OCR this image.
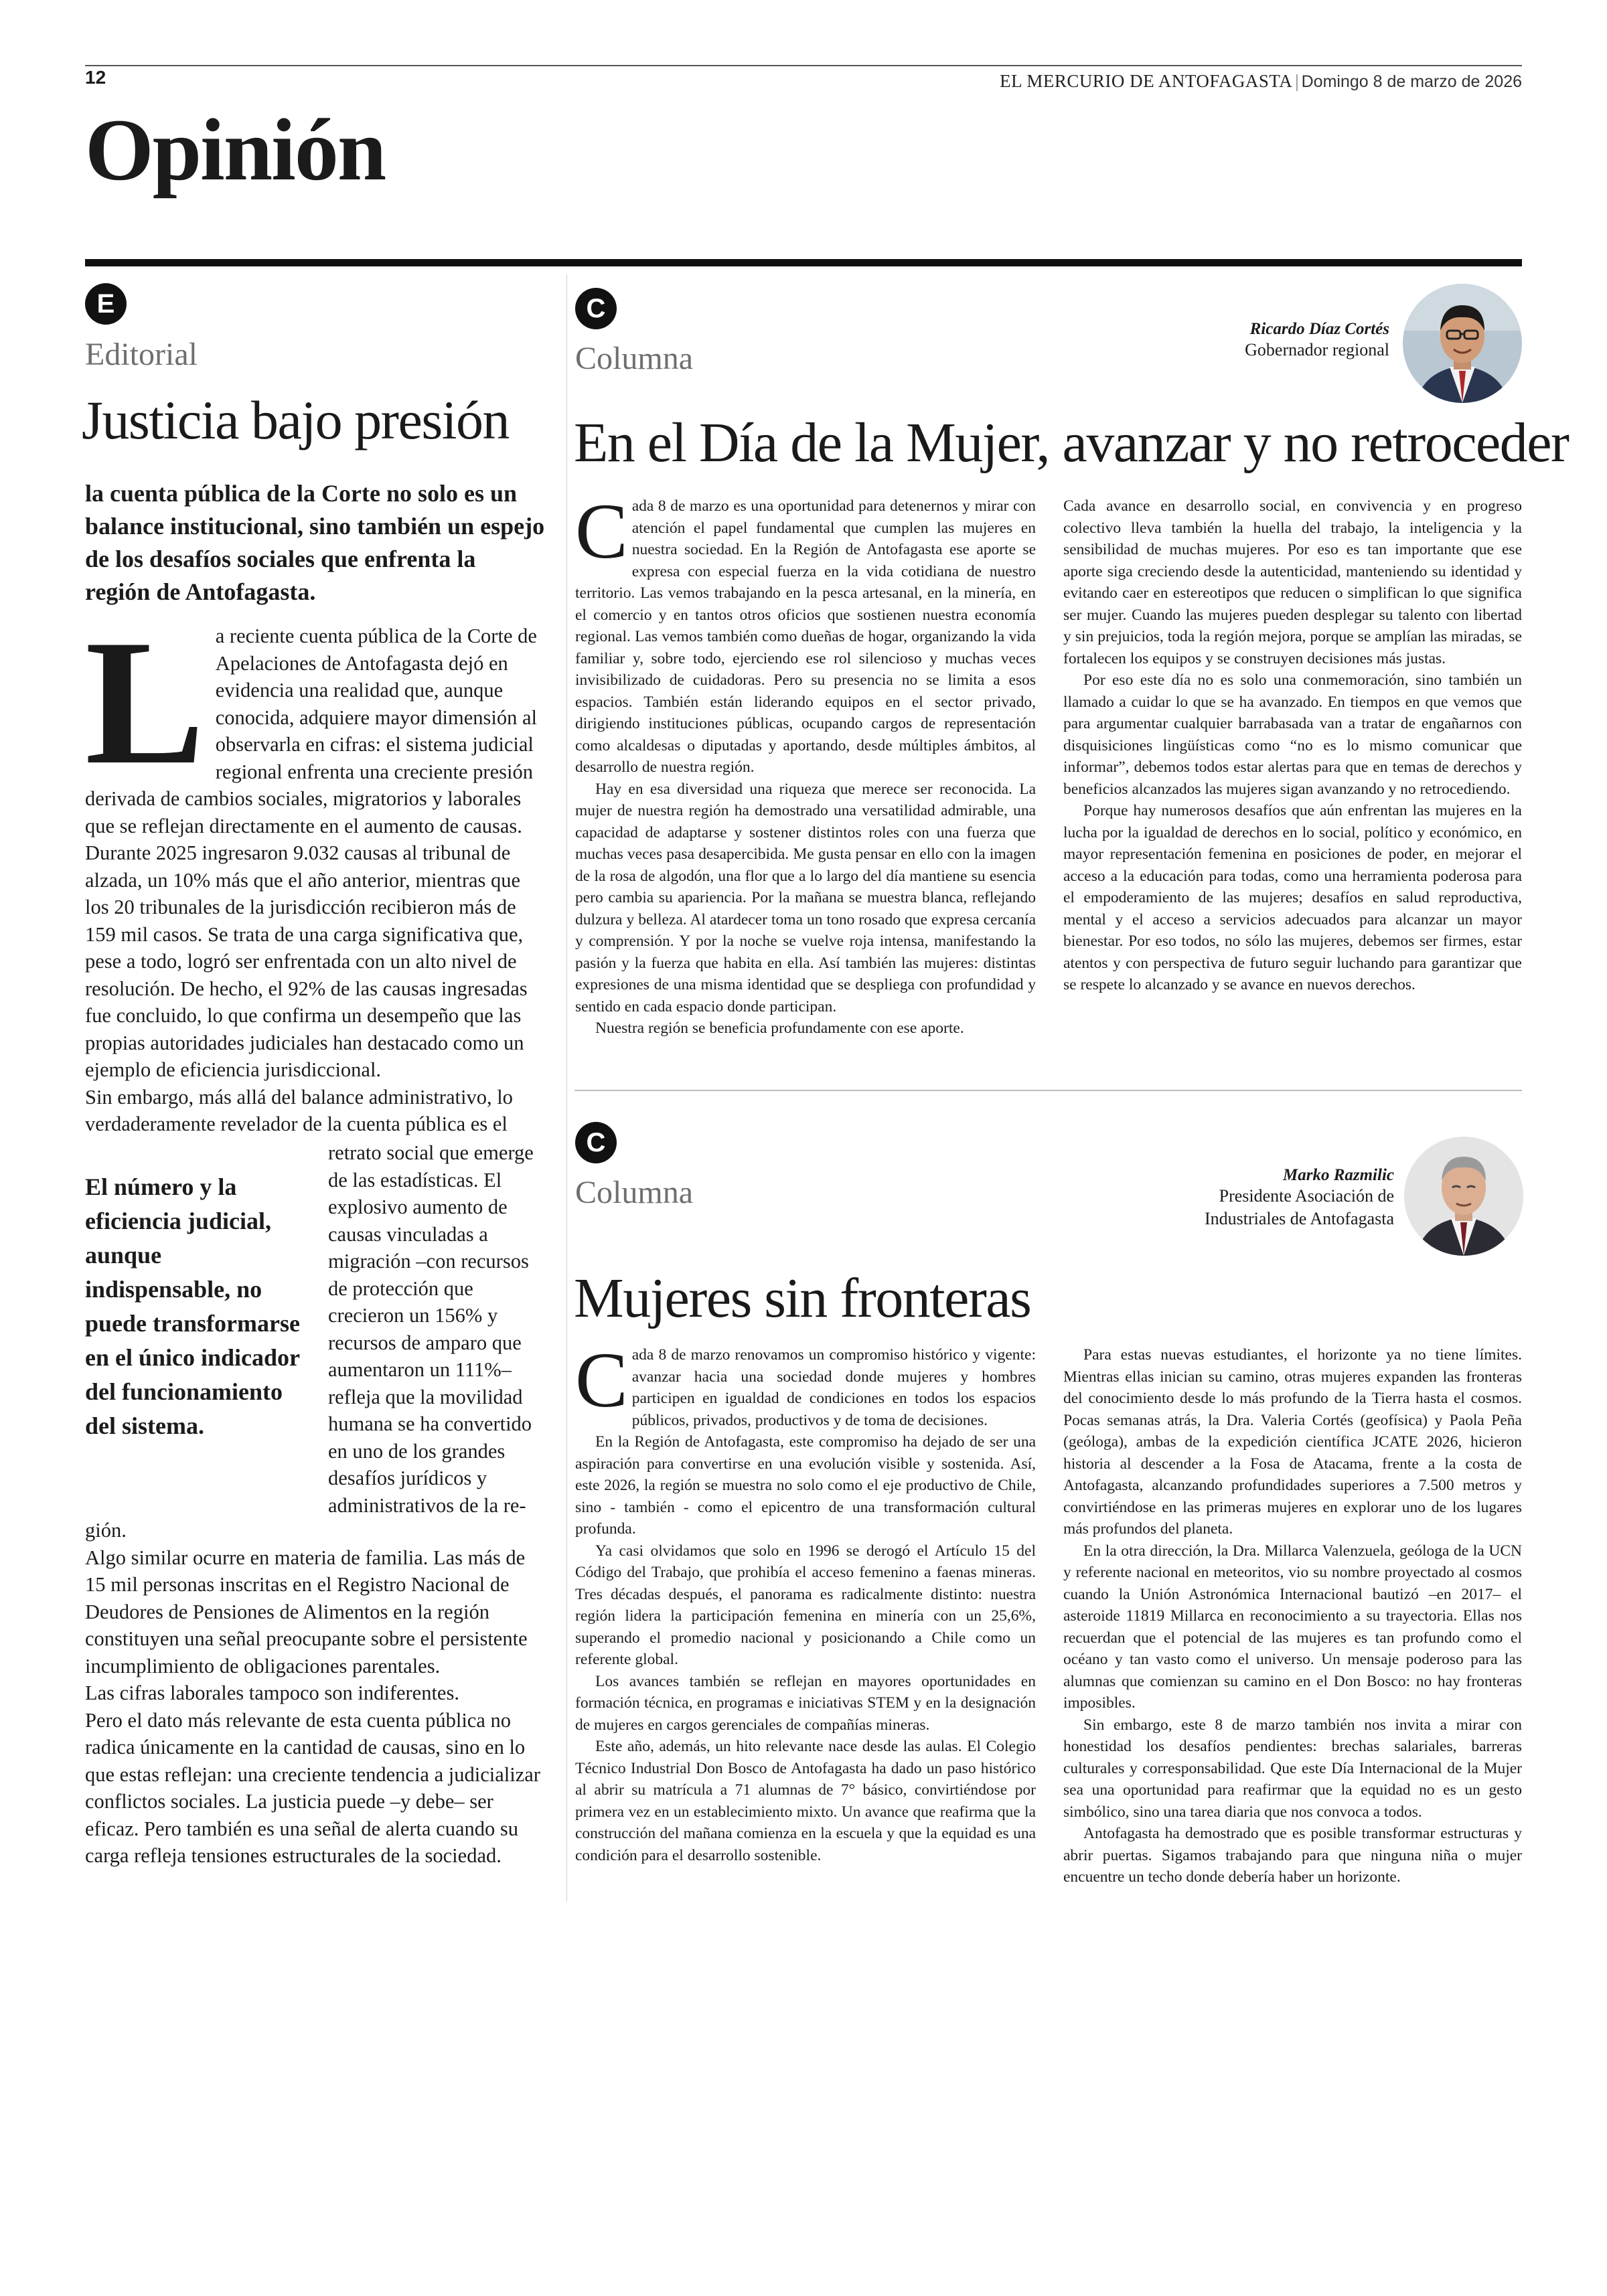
12	EL MERCURIO DE ANTOFAGASTA | Domingo 8 de marzo de 2026
Opinión
E
Editorial
Justicia bajo presión
la cuenta pública de la Corte no solo es un balance institucional, sino también un espejo de los desafíos sociales que enfrenta la región de Antofagasta.

La reciente cuenta pública de la Corte de Apelaciones de Antofagasta dejó en evidencia una realidad que, aunque conocida, adquiere mayor dimensión al observarla en cifras: el sistema judicial regional enfrenta una creciente presión derivada de cambios sociales, migratorios y laborales que se reflejan directamente en el aumento de causas.

Durante 2025 ingresaron 9.032 causas al tribunal de alzada, un 10% más que el año anterior, mientras que los 20 tribunales de la jurisdicción recibieron más de 159 mil casos. Se trata de una carga significativa que, pese a todo, logró ser enfrentada con un alto nivel de resolución. De hecho, el 92% de las causas ingresadas fue concluido, lo que confirma un desempeño que las propias autoridades judiciales han destacado como un ejemplo de eficiencia jurisdiccional.

Sin embargo, más allá del balance administrativo, lo verdaderamente revelador de la cuenta pública es el

El número y la eficiencia judicial, aunque indispensable, no puede transformarse en el único indicador del funcionamiento del sistema.

retrato social que emerge de las estadísticas. El explosivo aumento de causas vinculadas a migración –con recursos de protección que crecieron un 156% y recursos de amparo que aumentaron un 111%– refleja que la movilidad humana se ha convertido en uno de los grandes desafíos jurídicos y administrativos de la re-

gión.

Algo similar ocurre en materia de familia. Las más de 15 mil personas inscritas en el Registro Nacional de Deudores de Pensiones de Alimentos en la región constituyen una señal preocupante sobre el persistente incumplimiento de obligaciones parentales.

Las cifras laborales tampoco son indiferentes.

Pero el dato más relevante de esta cuenta pública no radica únicamente en la cantidad de causas, sino en lo que estas reflejan: una creciente tendencia a judicializar conflictos sociales. La justicia puede –y debe– ser eficaz. Pero también es una señal de alerta cuando su carga refleja tensiones estructurales de la sociedad.

C
Columna
Ricardo Díaz Cortés
Gobernador regional
En el Día de la Mujer, avanzar y no retroceder

Cada 8 de marzo es una oportunidad para detenernos y mirar con atención el papel fundamental que cumplen las mujeres en nuestra sociedad. En la Región de Antofagasta ese aporte se expresa con especial fuerza en la vida cotidiana de nuestro territorio. Las vemos trabajando en la pesca artesanal, en la minería, en el comercio y en tantos otros oficios que sostienen nuestra economía regional. Las vemos también como dueñas de hogar, organizando la vida familiar y, sobre todo, ejerciendo ese rol silencioso y muchas veces invisibilizado de cuidadoras. Pero su presencia no se limita a esos espacios. También están liderando equipos en el sector privado, dirigiendo instituciones públicas, ocupando cargos de representación como alcaldesas o diputadas y aportando, desde múltiples ámbitos, al desarrollo de nuestra región.

Hay en esa diversidad una riqueza que merece ser reconocida. La mujer de nuestra región ha demostrado una versatilidad admirable, una capacidad de adaptarse y sostener distintos roles con una fuerza que muchas veces pasa desapercibida. Me gusta pensar en ello con la imagen de la rosa de algodón, una flor que a lo largo del día mantiene su esencia pero cambia su apariencia. Por la mañana se muestra blanca, reflejando dulzura y belleza. Al atardecer toma un tono rosado que expresa cercanía y comprensión. Y por la noche se vuelve roja intensa, manifestando la pasión y la fuerza que habita en ella. Así también las mujeres: distintas expresiones de una misma identidad que se despliega con profundidad y sentido en cada espacio donde participan.

Nuestra región se beneficia profundamente con ese aporte.

Cada avance en desarrollo social, en convivencia y en progreso colectivo lleva también la huella del trabajo, la inteligencia y la sensibilidad de muchas mujeres. Por eso es tan importante que ese aporte siga creciendo desde la autenticidad, manteniendo su identidad y evitando caer en estereotipos que reducen o simplifican lo que significa ser mujer. Cuando las mujeres pueden desplegar su talento con libertad y sin prejuicios, toda la región mejora, porque se amplían las miradas, se fortalecen los equipos y se construyen decisiones más justas.

Por eso este día no es solo una conmemoración, sino también un llamado a cuidar lo que se ha avanzado. En tiempos en que vemos que para argumentar cualquier barrabasada van a tratar de engañarnos con disquisiciones lingüísticas como “no es lo mismo comunicar que informar”, debemos todos estar alertas para que en temas de derechos y beneficios alcanzados las mujeres sigan avanzando y no retrocediendo.

Porque hay numerosos desafíos que aún enfrentan las mujeres en la lucha por la igualdad de derechos en lo social, político y económico, en mayor representación femenina en posiciones de poder, en mejorar el acceso a la educación para todas, como una herramienta poderosa para el empoderamiento de las mujeres; desafíos en salud reproductiva, mental y el acceso a servicios adecuados para alcanzar un mayor bienestar. Por eso todos, no sólo las mujeres, debemos ser firmes, estar atentos y con perspectiva de futuro seguir luchando para garantizar que se respete lo alcanzado y se avance en nuevos derechos.

C
Columna	Marko Razmilic
Presidente Asociación de
Industriales de Antofagasta
Mujeres sin fronteras

Cada 8 de marzo renovamos un compromiso histórico y vigente: avanzar hacia una sociedad donde mujeres y hombres participen en igualdad de condiciones en todos los espacios públicos, privados, productivos y de toma de decisiones.

En la Región de Antofagasta, este compromiso ha dejado de ser una aspiración para convertirse en una evolución visible y sostenida. Así, este 2026, la región se muestra no solo como el eje productivo de Chile, sino - también - como el epicentro de una transformación cultural profunda.

Ya casi olvidamos que solo en 1996 se derogó el Artículo 15 del Código del Trabajo, que prohibía el acceso femenino a faenas mineras. Tres décadas después, el panorama es radicalmente distinto: nuestra región lidera la participación femenina en minería con un 25,6%, superando el promedio nacional y posicionando a Chile como un referente global.

Los avances también se reflejan en mayores oportunidades en formación técnica, en programas e iniciativas STEM y en la designación de mujeres en cargos gerenciales de compañías mineras.

Este año, además, un hito relevante nace desde las aulas. El Colegio Técnico Industrial Don Bosco de Antofagasta ha dado un paso histórico al abrir su matrícula a 71 alumnas de 7° básico, convirtiéndose por primera vez en un establecimiento mixto. Un avance que reafirma que la construcción del mañana comienza en la escuela y que la equidad es una condición para el desarrollo sostenible.

Para estas nuevas estudiantes, el horizonte ya no tiene límites. Mientras ellas inician su camino, otras mujeres expanden las fronteras del conocimiento desde lo más profundo de la Tierra hasta el cosmos. Pocas semanas atrás, la Dra. Valeria Cortés (geofísica) y Paola Peña (geóloga), ambas de la expedición científica JCATE 2026, hicieron historia al descender a la Fosa de Atacama, frente a la costa de Antofagasta, alcanzando profundidades superiores a 7.500 metros y convirtiéndose en las primeras mujeres en explorar uno de los lugares más profundos del planeta.

En la otra dirección, la Dra. Millarca Valenzuela, geóloga de la UCN y referente nacional en meteoritos, vio su nombre proyectado al cosmos cuando la Unión Astronómica Internacional bautizó –en 2017– el asteroide 11819 Millarca en reconocimiento a su trayectoria. Ellas nos recuerdan que el potencial de las mujeres es tan profundo como el océano y tan vasto como el universo. Un mensaje poderoso para las alumnas que comienzan su camino en el Don Bosco: no hay fronteras imposibles.

Sin embargo, este 8 de marzo también nos invita a mirar con honestidad los desafíos pendientes: brechas salariales, barreras culturales y corresponsabilidad. Que este Día Internacional de la Mujer sea una oportunidad para reafirmar que la equidad no es un gesto simbólico, sino una tarea diaria que nos convoca a todos.

Antofagasta ha demostrado que es posible transformar estructuras y abrir puertas. Sigamos trabajando para que ninguna niña o mujer encuentre un techo donde debería haber un horizonte.
